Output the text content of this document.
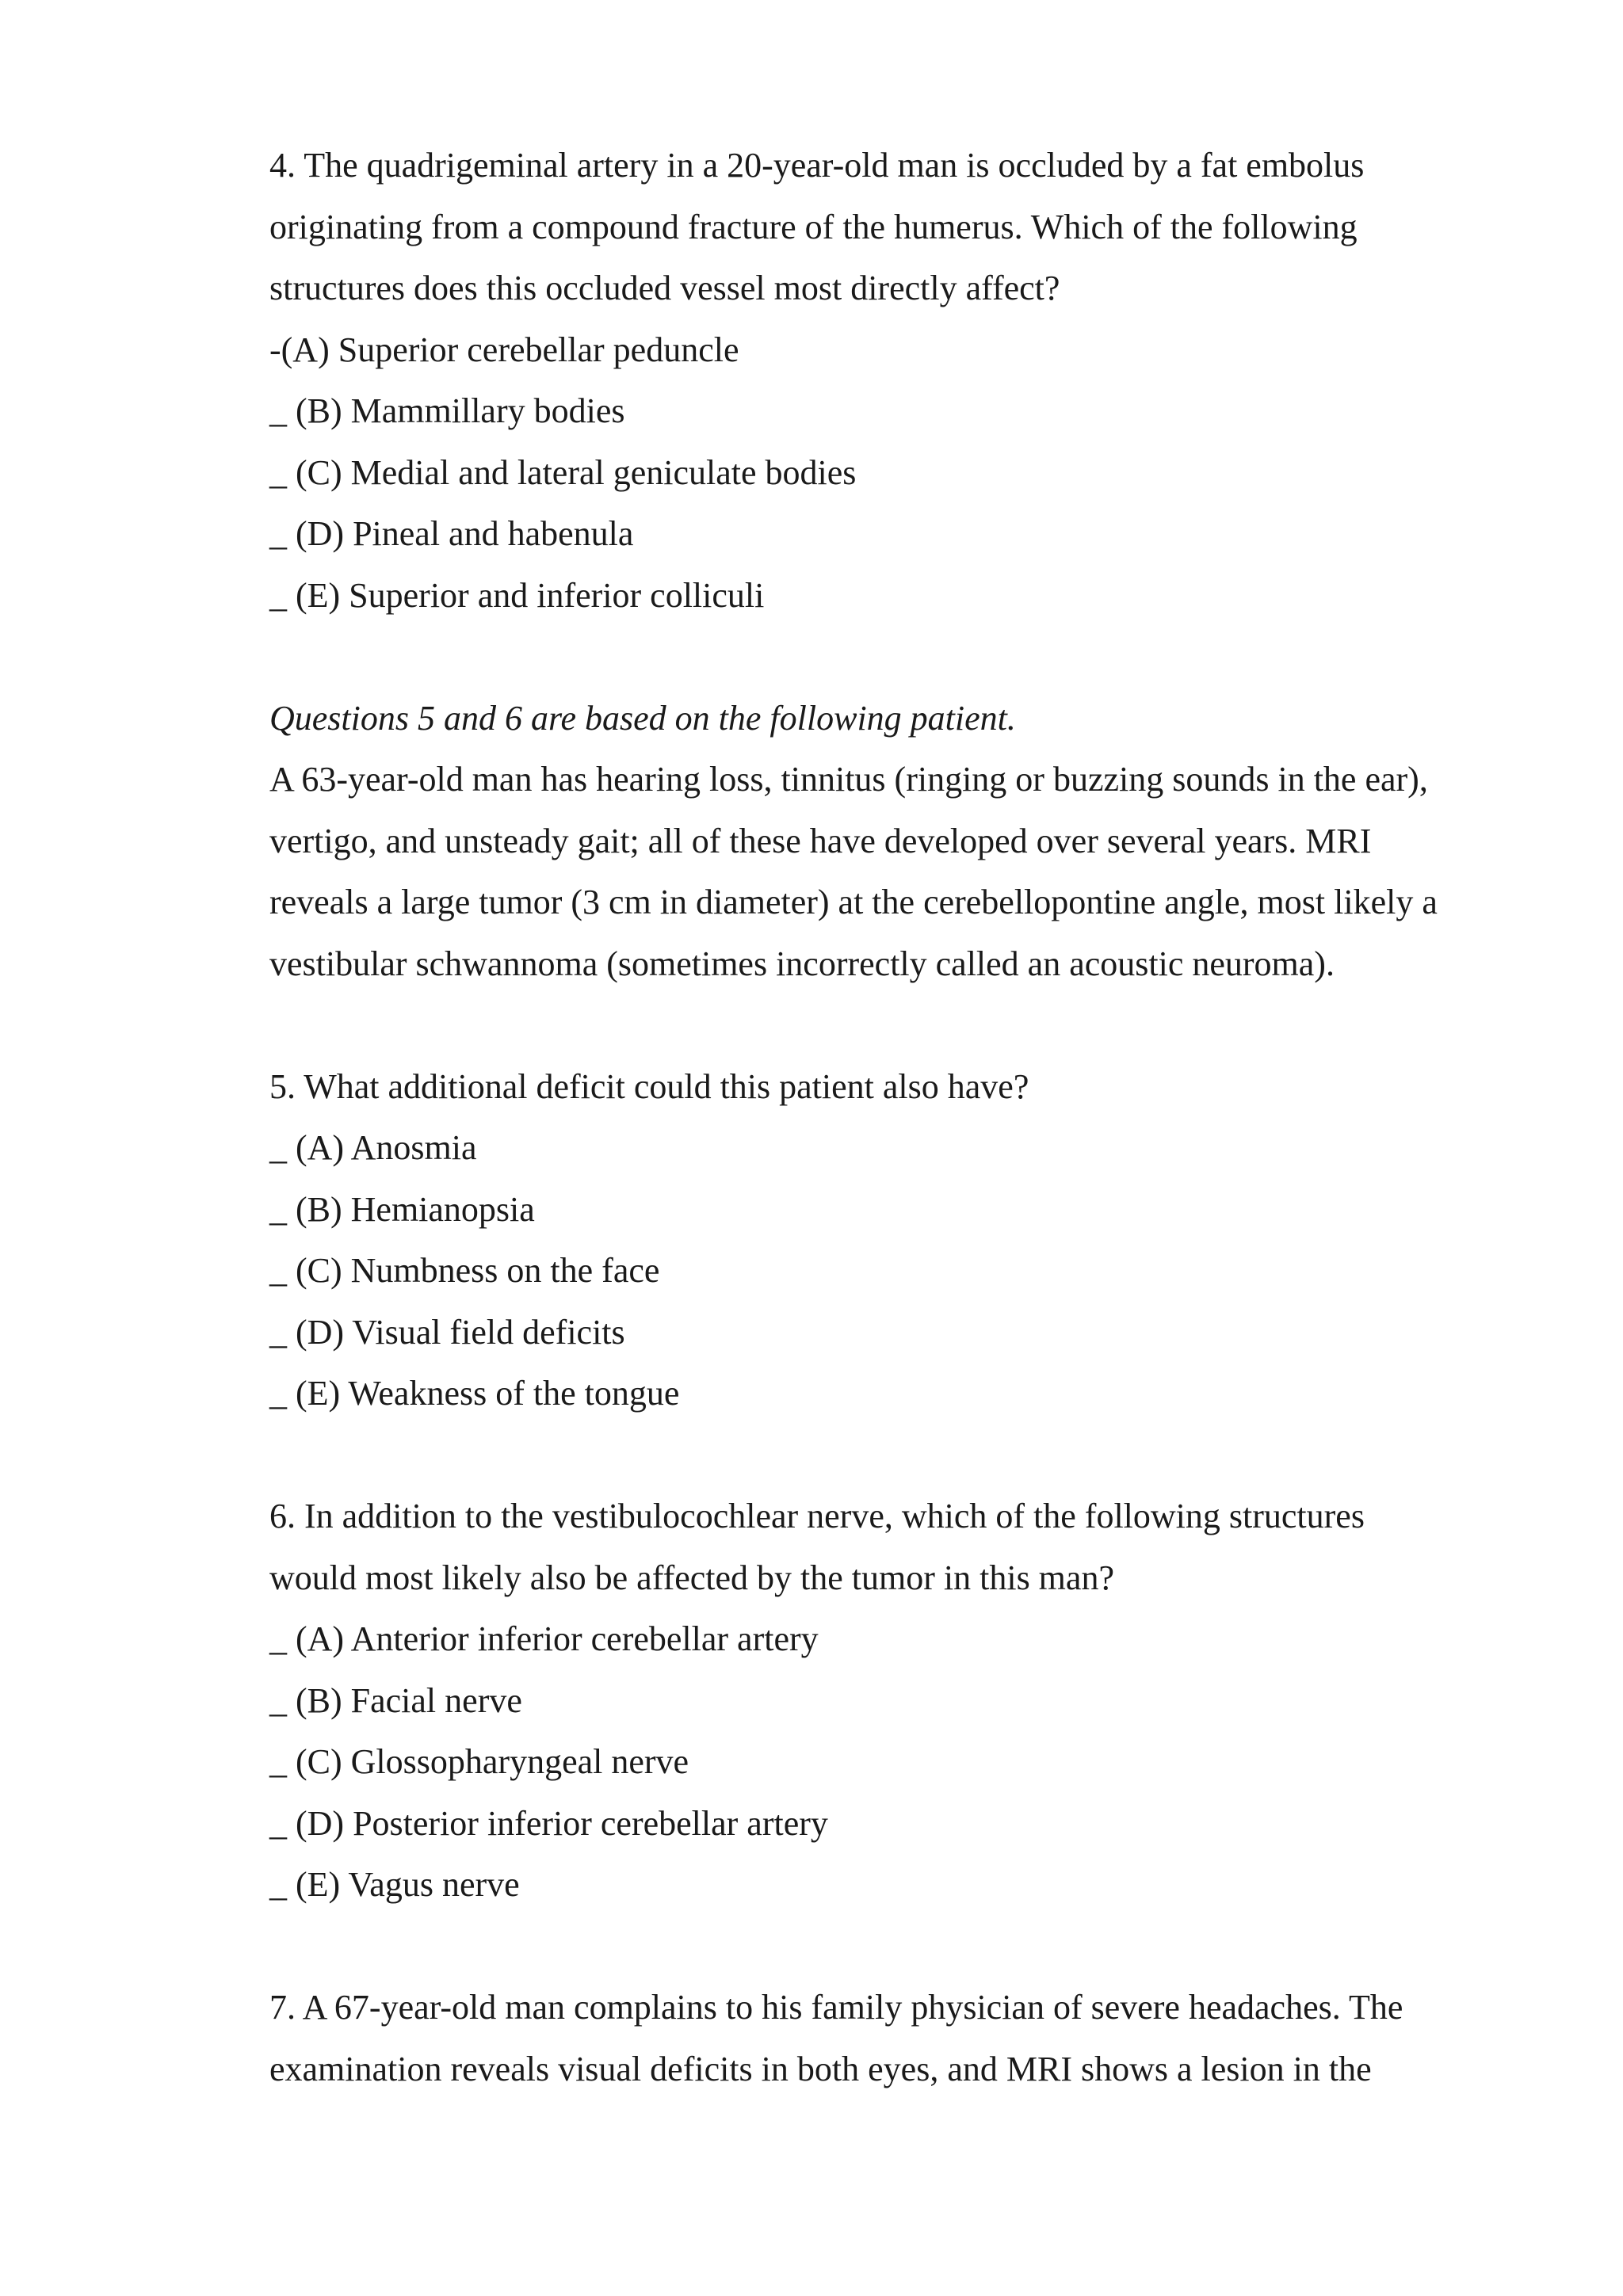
4. The quadrigeminal artery in a 20-year-old man is occluded by a fat embolus

originating from a compound fracture of the humerus. Which of the following

structures does this occluded vessel most directly affect?

-(A) Superior cerebellar peduncle

_ (B) Mammillary bodies

_ (C) Medial and lateral geniculate bodies

_ (D) Pineal and habenula

_ (E) Superior and inferior colliculi

Questions 5 and 6 are based on the following patient.

A 63-year-old man has hearing loss, tinnitus (ringing or buzzing sounds in the ear),

vertigo, and unsteady gait; all of these have developed over several years. MRI

reveals a large tumor (3 cm in diameter) at the cerebellopontine angle, most likely a

vestibular schwannoma (sometimes incorrectly called an acoustic neuroma).

5. What additional deficit could this patient also have?

_ (A) Anosmia

_ (B) Hemianopsia

_ (C) Numbness on the face

_ (D) Visual field deficits

_ (E) Weakness of the tongue

6. In addition to the vestibulocochlear nerve, which of the following structures

would most likely also be affected by the tumor in this man?

_ (A) Anterior inferior cerebellar artery

_ (B) Facial nerve

_ (C) Glossopharyngeal nerve

_ (D) Posterior inferior cerebellar artery

_ (E) Vagus nerve

7. A 67-year-old man complains to his family physician of severe headaches. The

examination reveals visual deficits in both eyes, and MRI shows a lesion in the
